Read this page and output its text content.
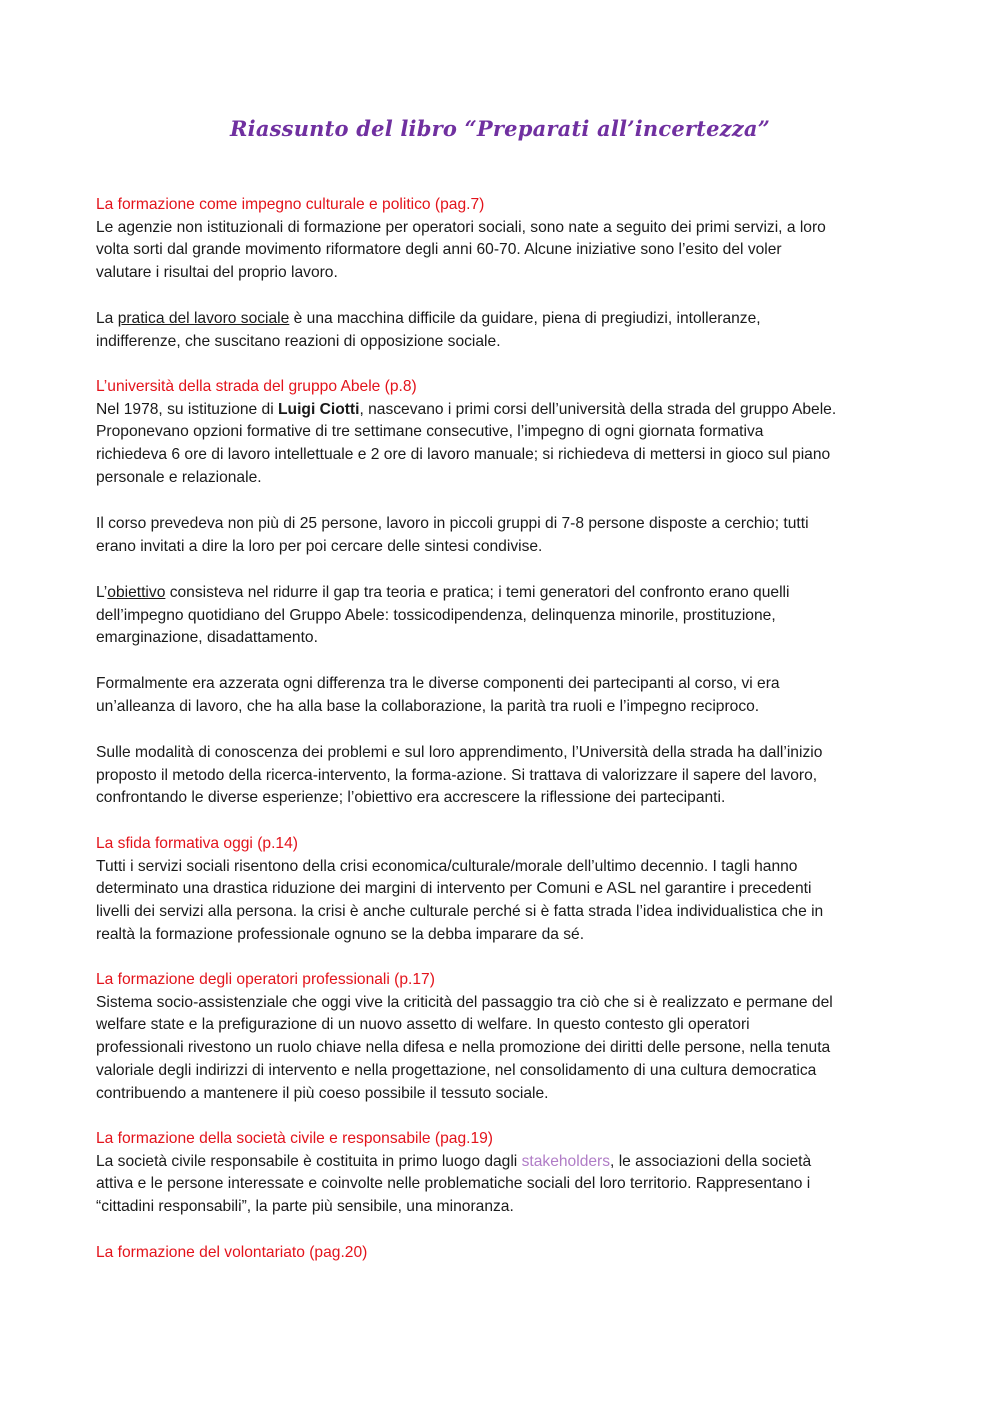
Riassunto del libro “Preparati all’incertezza”
La formazione come impegno culturale e politico (pag.7)
Le agenzie non istituzionali di formazione per operatori sociali, sono nate a seguito dei primi servizi, a loro
volta sorti dal grande movimento riformatore degli anni 60-70. Alcune iniziative sono l’esito del voler
valutare i risultai del proprio lavoro.
La pratica del lavoro sociale è una macchina difficile da guidare, piena di pregiudizi, intolleranze,
indifferenze, che suscitano reazioni di opposizione sociale.
L’università della strada del gruppo Abele (p.8)
Nel 1978, su istituzione di Luigi Ciotti, nascevano i primi corsi dell’università della strada del gruppo Abele.
Proponevano opzioni formative di tre settimane consecutive, l’impegno di ogni giornata formativa
richiedeva 6 ore di lavoro intellettuale e 2 ore di lavoro manuale; si richiedeva di mettersi in gioco sul piano
personale e relazionale.
Il corso prevedeva non più di 25 persone, lavoro in piccoli gruppi di 7-8 persone disposte a cerchio; tutti
erano invitati a dire la loro per poi cercare delle sintesi condivise.
L’obiettivo consisteva nel ridurre il gap tra teoria e pratica; i temi generatori del confronto erano quelli
dell’impegno quotidiano del Gruppo Abele: tossicodipendenza, delinquenza minorile, prostituzione,
emarginazione, disadattamento.
Formalmente era azzerata ogni differenza tra le diverse componenti dei partecipanti al corso, vi era
un’alleanza di lavoro, che ha alla base la collaborazione, la parità tra ruoli e l’impegno reciproco.
Sulle modalità di conoscenza dei problemi e sul loro apprendimento, l’Università della strada ha dall’inizio
proposto il metodo della ricerca-intervento, la forma-azione. Si trattava di valorizzare il sapere del lavoro,
confrontando le diverse esperienze; l’obiettivo era accrescere la riflessione dei partecipanti.
La sfida formativa oggi (p.14)
Tutti i servizi sociali risentono della crisi economica/culturale/morale dell’ultimo decennio. I tagli hanno
determinato una drastica riduzione dei margini di intervento per Comuni e ASL nel garantire i precedenti
livelli dei servizi alla persona. la crisi è anche culturale perché si è fatta strada l’idea individualistica che in
realtà la formazione professionale ognuno se la debba imparare da sé.
La formazione degli operatori professionali (p.17)
Sistema socio-assistenziale che oggi vive la criticità del passaggio tra ciò che si è realizzato e permane del
welfare state e la prefigurazione di un nuovo assetto di welfare. In questo contesto gli operatori
professionali rivestono un ruolo chiave nella difesa e nella promozione dei diritti delle persone, nella tenuta
valoriale degli indirizzi di intervento e nella progettazione, nel consolidamento di una cultura democratica
contribuendo a mantenere il più coeso possibile il tessuto sociale.
La formazione della società civile e responsabile (pag.19)
La società civile responsabile è costituita in primo luogo dagli stakeholders, le associazioni della società
attiva e le persone interessate e coinvolte nelle problematiche sociali del loro territorio. Rappresentano i
“cittadini responsabili”, la parte più sensibile, una minoranza.
La formazione del volontariato (pag.20)
